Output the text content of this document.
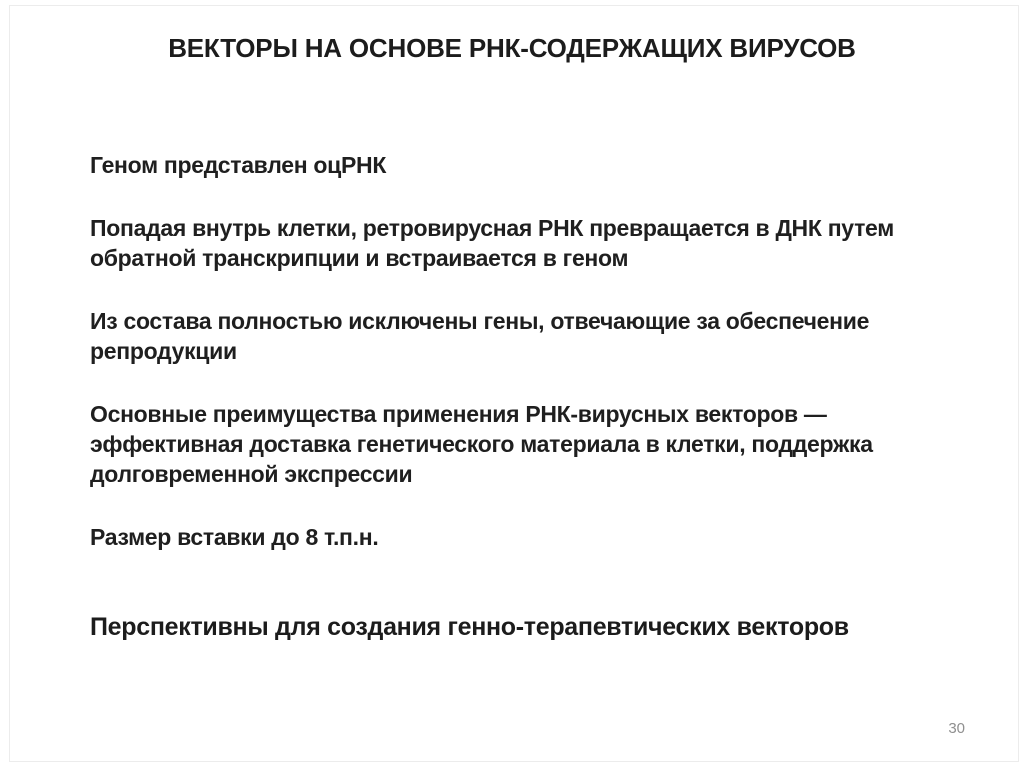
ВЕКТОРЫ НА ОСНОВЕ РНК-СОДЕРЖАЩИХ ВИРУСОВ

Геном представлен оцРНК

Попадая внутрь клетки, ретровирусная РНК превращается в ДНК путем
обратной транскрипции и встраивается в геном

Из состава полностью исключены гены, отвечающие за обеспечение
репродукции

Основные преимущества применения РНК-вирусных векторов —
эффективная доставка генетического материала в клетки, поддержка
долговременной экспрессии

Размер вставки до 8 т.п.н.

Перспективны для создания генно-терапевтических векторов
30
